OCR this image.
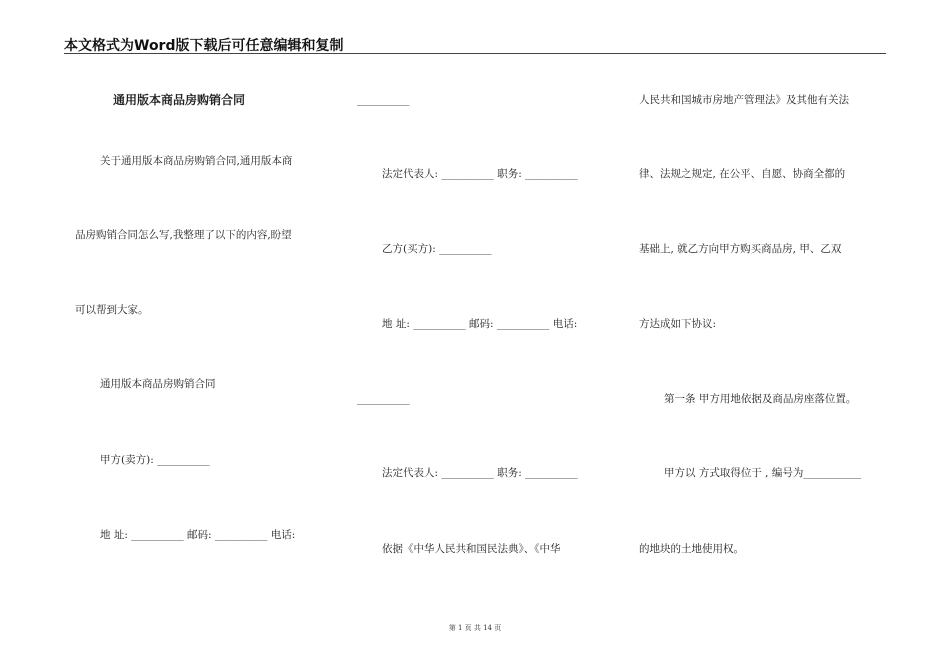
本文格式为Word版下载后可任意编辑和复制
通用版本商品房购销合同
关于通用版本商品房购销合同,通用版本商
品房购销合同怎么写,我整理了以下的内容,盼望
可以帮到大家。
通用版本商品房购销合同
甲方(卖方): __________
地 址: __________ 邮码: __________ 电话:
__________
法定代表人: __________ 职务: __________
乙方(买方): __________
地 址: __________ 邮码: __________ 电话:
__________
法定代表人: __________ 职务: __________
依据《中华人民共和国民法典》、《中华
人民共和国城市房地产管理法》及其他有关法
律、法规之规定, 在公平、自愿、协商全都的
基础上, 就乙方向甲方购买商品房, 甲、乙双
方达成如下协议:
第一条 甲方用地依据及商品房座落位置。
甲方以 方式取得位于 , 编号为___________
的地块的土地使用权。
第 1 页 共 14 页
